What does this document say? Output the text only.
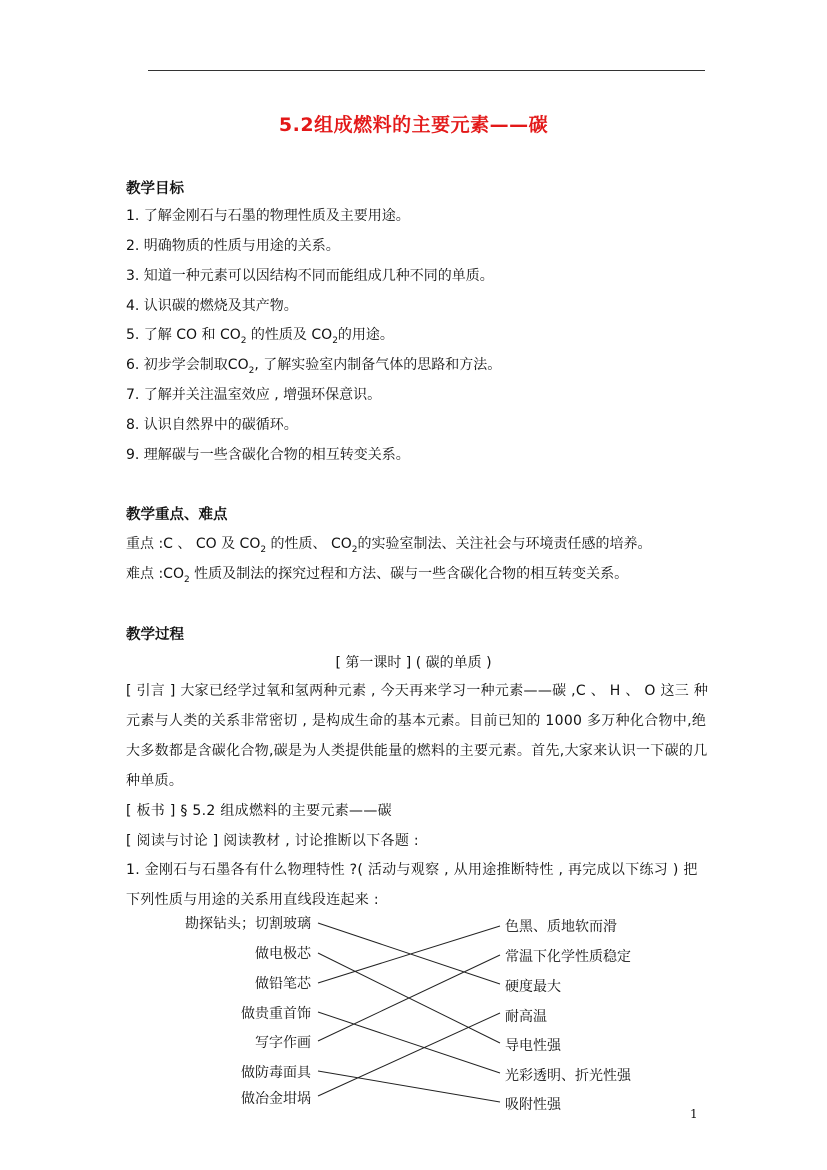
5.2组成燃料的主要元素——碳
教学目标
1. 了解金刚石与石墨的物理性质及主要用途。
2. 明确物质的性质与用途的关系。
3. 知道一种元素可以因结构不同而能组成几种不同的单质。
4. 认识碳的燃烧及其产物。
5. 了解 CO 和 $CO_2$ 的性质及 $CO_2$的用途。
6. 初步学会制取$CO_2$, 了解实验室内制备气体的思路和方法。
7. 了解并关注温室效应 , 增强环保意识。
8. 认识自然界中的碳循环。
9. 理解碳与一些含碳化合物的相互转变关系。
教学重点、难点
重点 :C 、 CO 及 $CO_2$ 的性质、 $CO_2$的实验室制法、关注社会与环境责任感的培养。
难点 $:CO_2$ 性质及制法的探究过程和方法、碳与一些含碳化合物的相互转变关系。
教学过程
[ 第一课时 ] ( 碳的单质 )
[ 引言 ] 大家已经学过氧和氢两种元素 , 今天再来学习一种元素——碳 ,C 、 H 、 O 这三 种元素与人类的关系非常密切 , 是构成生命的基本元素。目前已知的 1000 多万种化合物中,绝大多数都是含碳化合物,碳是为人类提供能量的燃料的主要元素。首先,大家来认识一下碳的几种单质。
[ 板书 ] § 5.2 组成燃料的主要元素——碳
[ 阅读与讨论 ] 阅读教材 , 讨论推断以下各题 :
1. 金刚石与石墨各有什么物理特性 ?( 活动与观察 , 从用途推断特性 , 再完成以下练习 ) 把下列性质与用途的关系用直线段连起来 :
勘探钻头；切割玻璃
做电极芯
做铅笔芯
做贵重首饰
写字作画
做防毒面具
做冶金坩埚
色黑、质地软而滑
常温下化学性质稳定
硬度最大
耐高温
导电性强
光彩透明、折光性强
吸附性强
1
